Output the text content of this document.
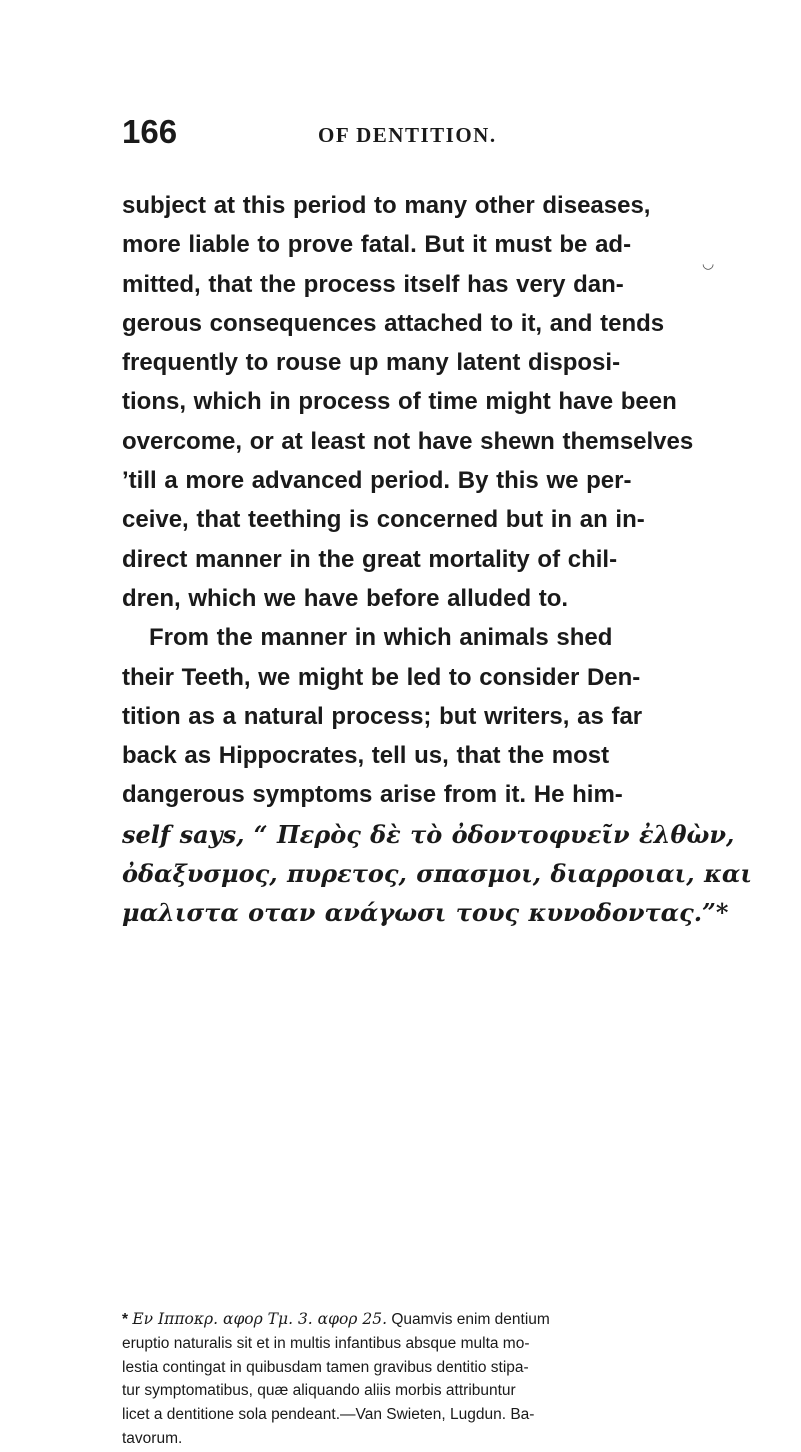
166	OF DENTITION.
◡
subject at this period to many other diseases,
more liable to prove fatal. But it must be ad-
mitted, that the process itself has very dan-
gerous consequences attached to it, and tends
frequently to rouse up many latent disposi-
tions, which in process of time might have been
overcome, or at least not have shewn themselves
’till a more advanced period. By this we per-
ceive, that teething is concerned but in an in-
direct manner in the great mortality of chil-
dren, which we have before alluded to.
From the manner in which animals shed
their Teeth, we might be led to consider Den-
tition as a natural process; but writers, as far
back as Hippocrates, tell us, that the most
dangerous symptoms arise from it. He him-
self says, “ Περὸς δὲ τὸ ὀδοντοφυεῖν ἐλθὼν,
ὀδαξυσμος, πυρετος, σπασμοι, διαρροιαι, και
μαλιστα οταν ανάγωσι τους κυνοδοντας.”*
* Εν Ιπποκρ. αφορ Τμ. 3. αφορ 25. Quamvis enim dentium
eruptio naturalis sit et in multis infantibus absque multa mo-
lestia contingat in quibusdam tamen gravibus dentitio stipa-
tur symptomatibus, quæ aliquando aliis morbis attribuntur
licet a dentitione sola pendeant.—Van Swieten, Lugdun. Ba-
tavorum.
